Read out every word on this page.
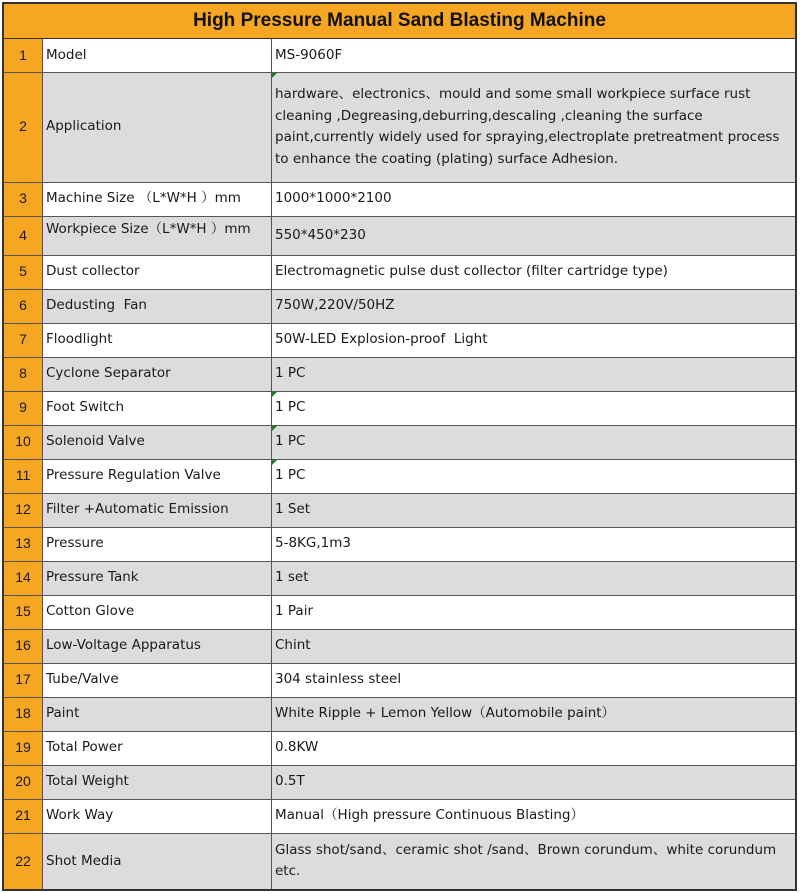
High Pressure Manual Sand Blasting Machine
1	Model	MS-9060F
2	Application	hardware、electronics、mould and some small workpiece surface rust cleaning ,Degreasing,deburring,descaling ,cleaning the surface paint,currently widely used for spraying,electroplate pretreatment process to enhance the coating (plating) surface Adhesion.
3	Machine Size （L*W*H ）mm	1000*1000*2100
4	Workpiece Size（L*W*H ）mm	550*450*230
5	Dust collector	Electromagnetic pulse dust collector (filter cartridge type)
6	Dedusting  Fan	750W,220V/50HZ
7	Floodlight	50W-LED Explosion-proof  Light
8	Cyclone Separator	1 PC
9	Foot Switch	1 PC
10	Solenoid Valve	1 PC
11	Pressure Regulation Valve	1 PC
12	Filter +Automatic Emission	1 Set
13	Pressure	5-8KG,1m3
14	Pressure Tank	1 set
15	Cotton Glove	1 Pair
16	Low-Voltage Apparatus	Chint
17	Tube/Valve	304 stainless steel
18	Paint	White Ripple + Lemon Yellow（Automobile paint）
19	Total Power	0.8KW
20	Total Weight	0.5T
21	Work Way	Manual（High pressure Continuous Blasting）
22	Shot Media	Glass shot/sand、ceramic shot /sand、Brown corundum、white corundum etc.
